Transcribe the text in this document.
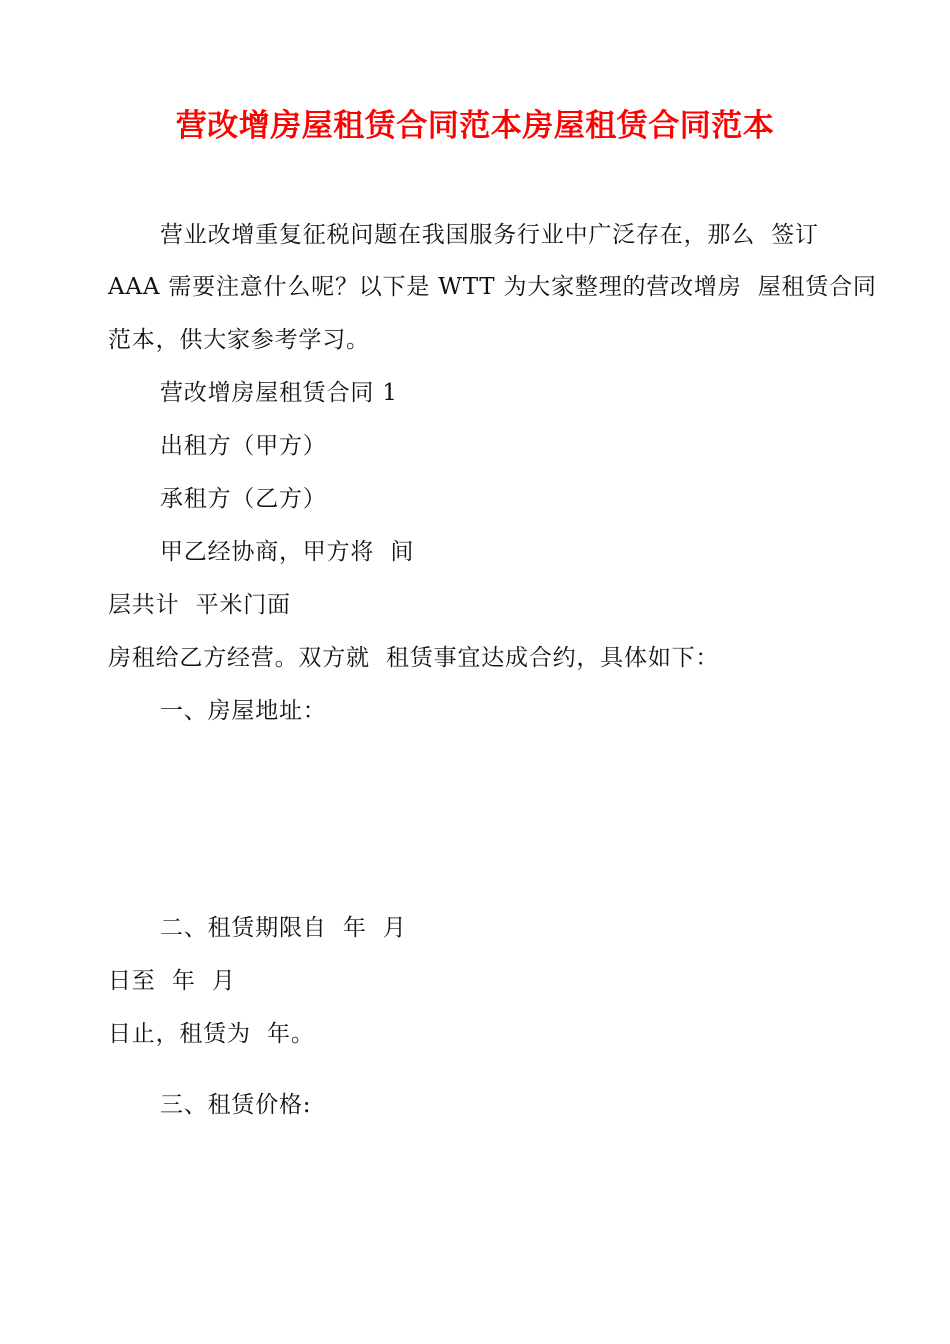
营改增房屋租赁合同范本房屋租赁合同范本
营业改增重复征税问题在我国服务行业中广泛存在，那么  签订
AAA 需要注意什么呢？以下是 WTT 为大家整理的营改增房  屋租赁合同
范本，供大家参考学习。
营改增房屋租赁合同 1
出租方（甲方）
承租方（乙方）
甲乙经协商，甲方将  间
层共计  平米门面
房租给乙方经营。双方就  租赁事宜达成合约，具体如下：
一、房屋地址：
二、租赁期限自  年  月
日至  年  月
日止，租赁为  年。
三、租赁价格:
